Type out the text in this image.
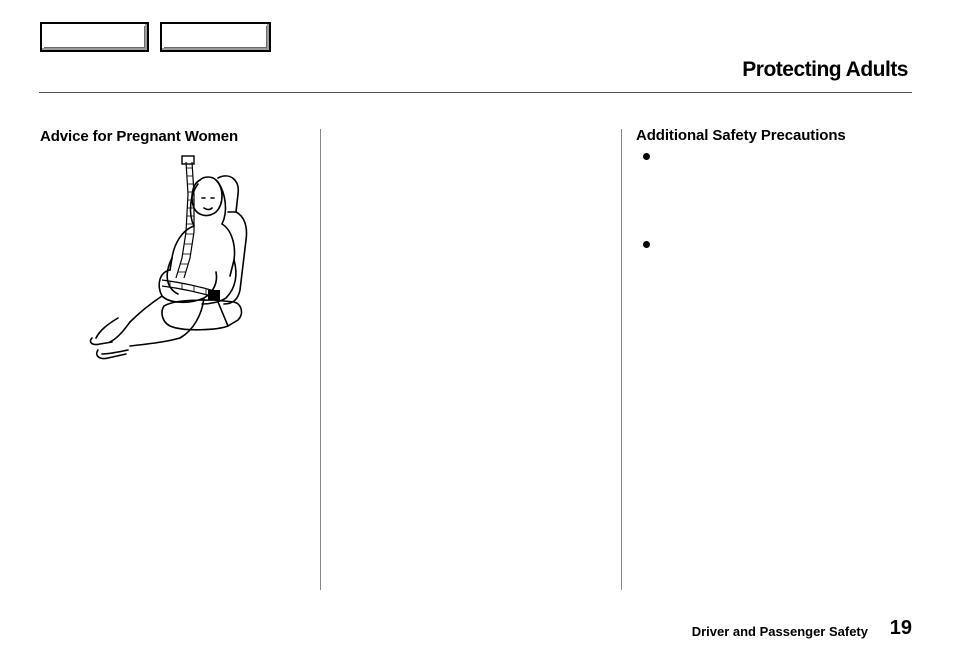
Protecting Adults
Advice for Pregnant Women	Additional Safety Precautions
Driver and Passenger Safety 19
